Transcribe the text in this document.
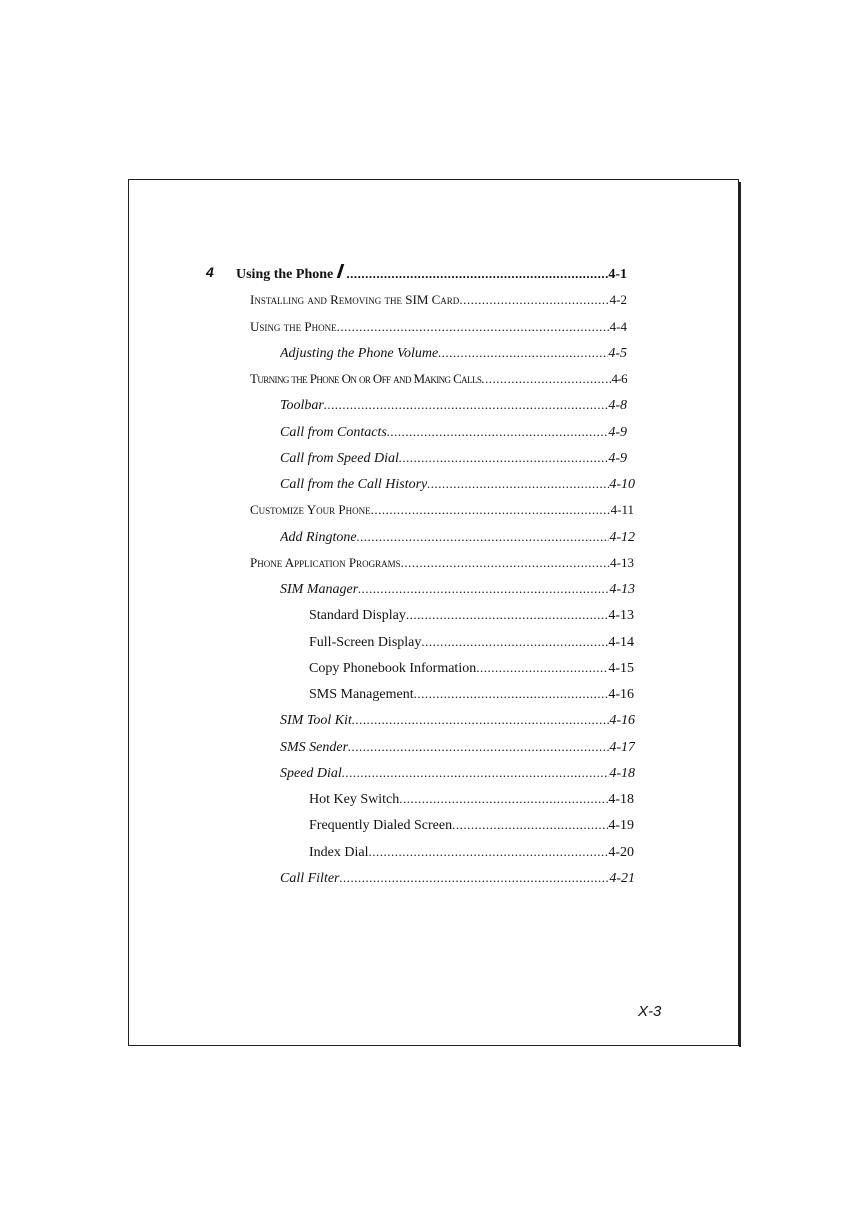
4 Using the Phone .....	4-1
Installing and Removing the SIM Card .....	4-2
Using the Phone .....	4-4
Adjusting the Phone Volume .....	4-5
Turning the Phone On or Off and Making Calls .....	4-6
Toolbar .....	4-8
Call from Contacts .....	4-9
Call from Speed Dial .....	4-9
Call from the Call History .....	4-10
Customize Your Phone .....	4-11
Add Ringtone .....	4-12
Phone Application Programs .....	4-13
SIM Manager .....	4-13
Standard Display .....	4-13
Full-Screen Display .....	4-14
Copy Phonebook Information .....	4-15
SMS Management .....	4-16
SIM Tool Kit .....	4-16
SMS Sender .....	4-17
Speed Dial .....	4-18
Hot Key Switch .....	4-18
Frequently Dialed Screen .....	4-19
Index Dial .....	4-20
Call Filter .....	4-21
X-3
